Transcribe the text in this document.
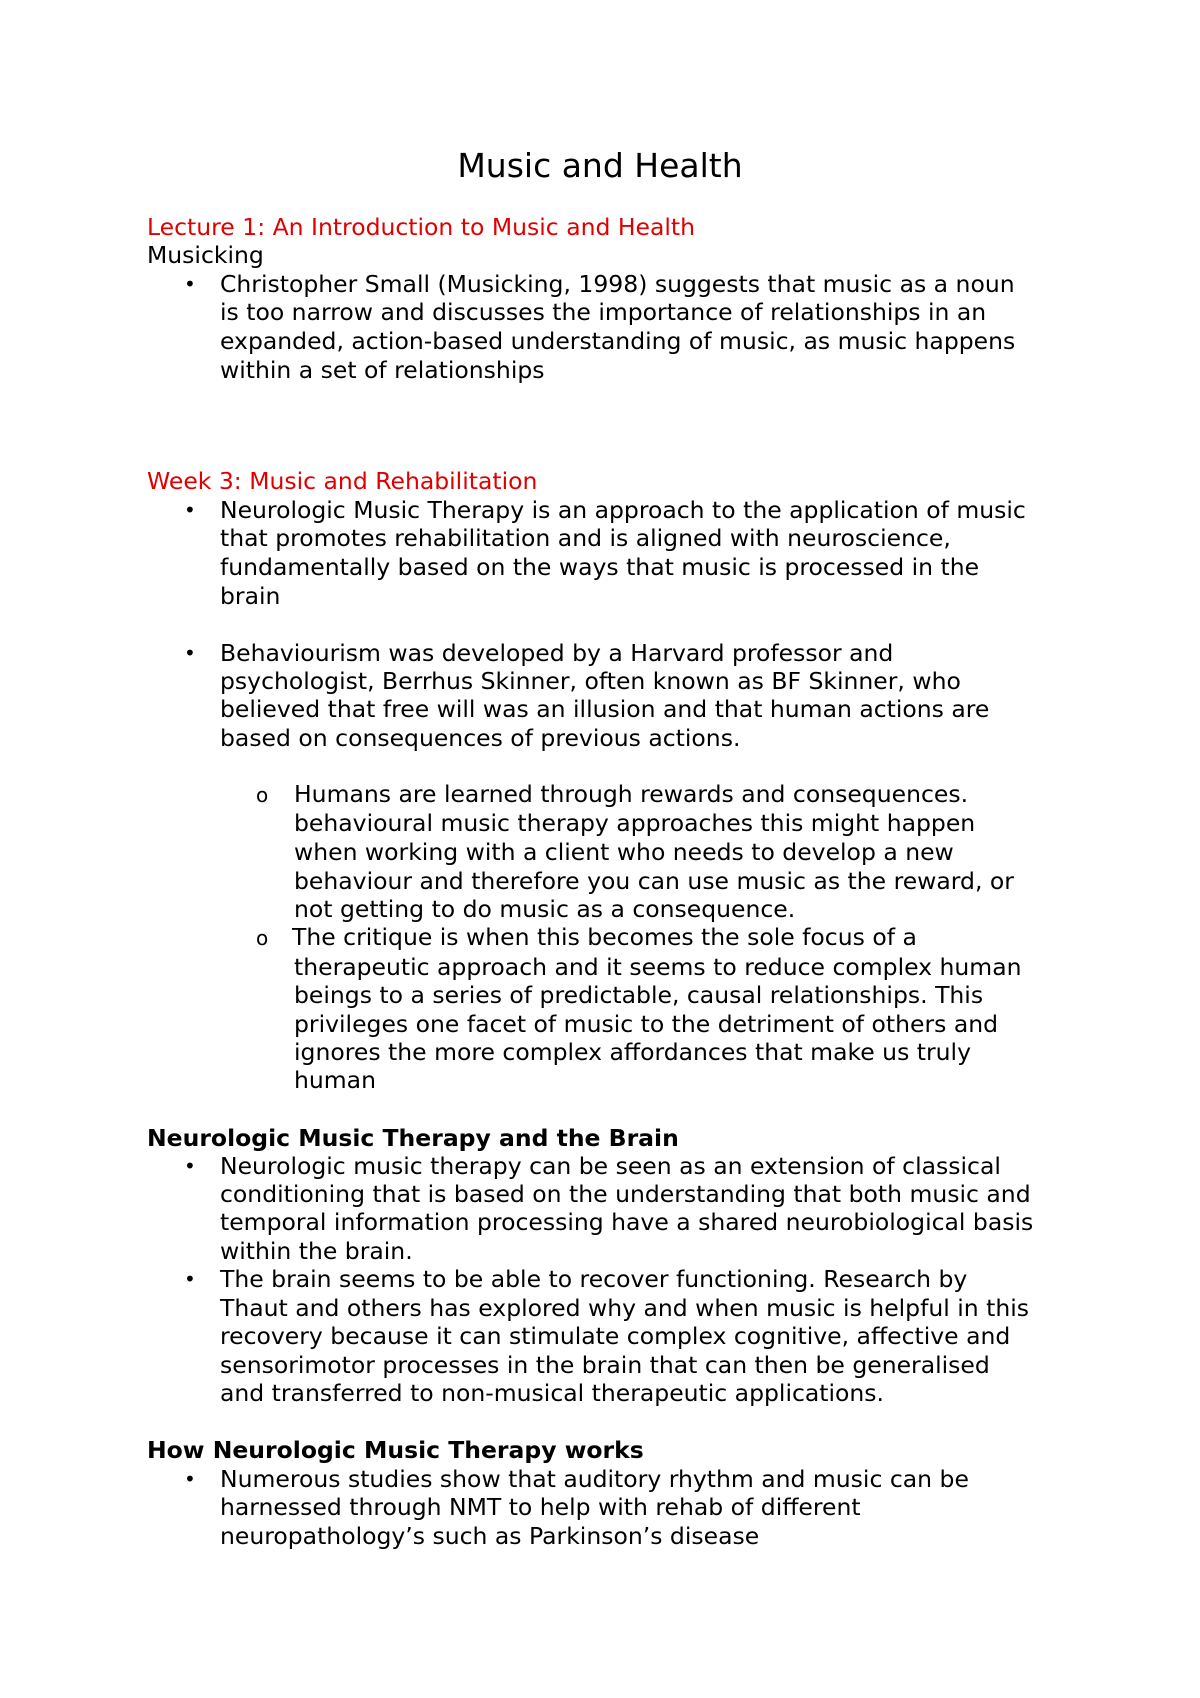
Music and Health

Lecture 1: An Introduction to Music and Health

Musicking

• Christopher Small (Musicking, 1998) suggests that music as a noun

is too narrow and discusses the importance of relationships in an

expanded, action-based understanding of music, as music happens

within a set of relationships

Week 3: Music and Rehabilitation

• Neurologic Music Therapy is an approach to the application of music

that promotes rehabilitation and is aligned with neuroscience,

fundamentally based on the ways that music is processed in the

brain

• Behaviourism was developed by a Harvard professor and

psychologist, Berrhus Skinner, often known as BF Skinner, who

believed that free will was an illusion and that human actions are

based on consequences of previous actions.

o Humans are learned through rewards and consequences.

behavioural music therapy approaches this might happen

when working with a client who needs to develop a new

behaviour and therefore you can use music as the reward, or

not getting to do music as a consequence.

o The critique is when this becomes the sole focus of a

therapeutic approach and it seems to reduce complex human

beings to a series of predictable, causal relationships. This

privileges one facet of music to the detriment of others and

ignores the more complex affordances that make us truly

human

Neurologic Music Therapy and the Brain

• Neurologic music therapy can be seen as an extension of classical

conditioning that is based on the understanding that both music and

temporal information processing have a shared neurobiological basis

within the brain.

• The brain seems to be able to recover functioning. Research by

Thaut and others has explored why and when music is helpful in this

recovery because it can stimulate complex cognitive, affective and

sensorimotor processes in the brain that can then be generalised

and transferred to non-musical therapeutic applications.

How Neurologic Music Therapy works

• Numerous studies show that auditory rhythm and music can be

harnessed through NMT to help with rehab of different

neuropathology’s such as Parkinson’s disease
